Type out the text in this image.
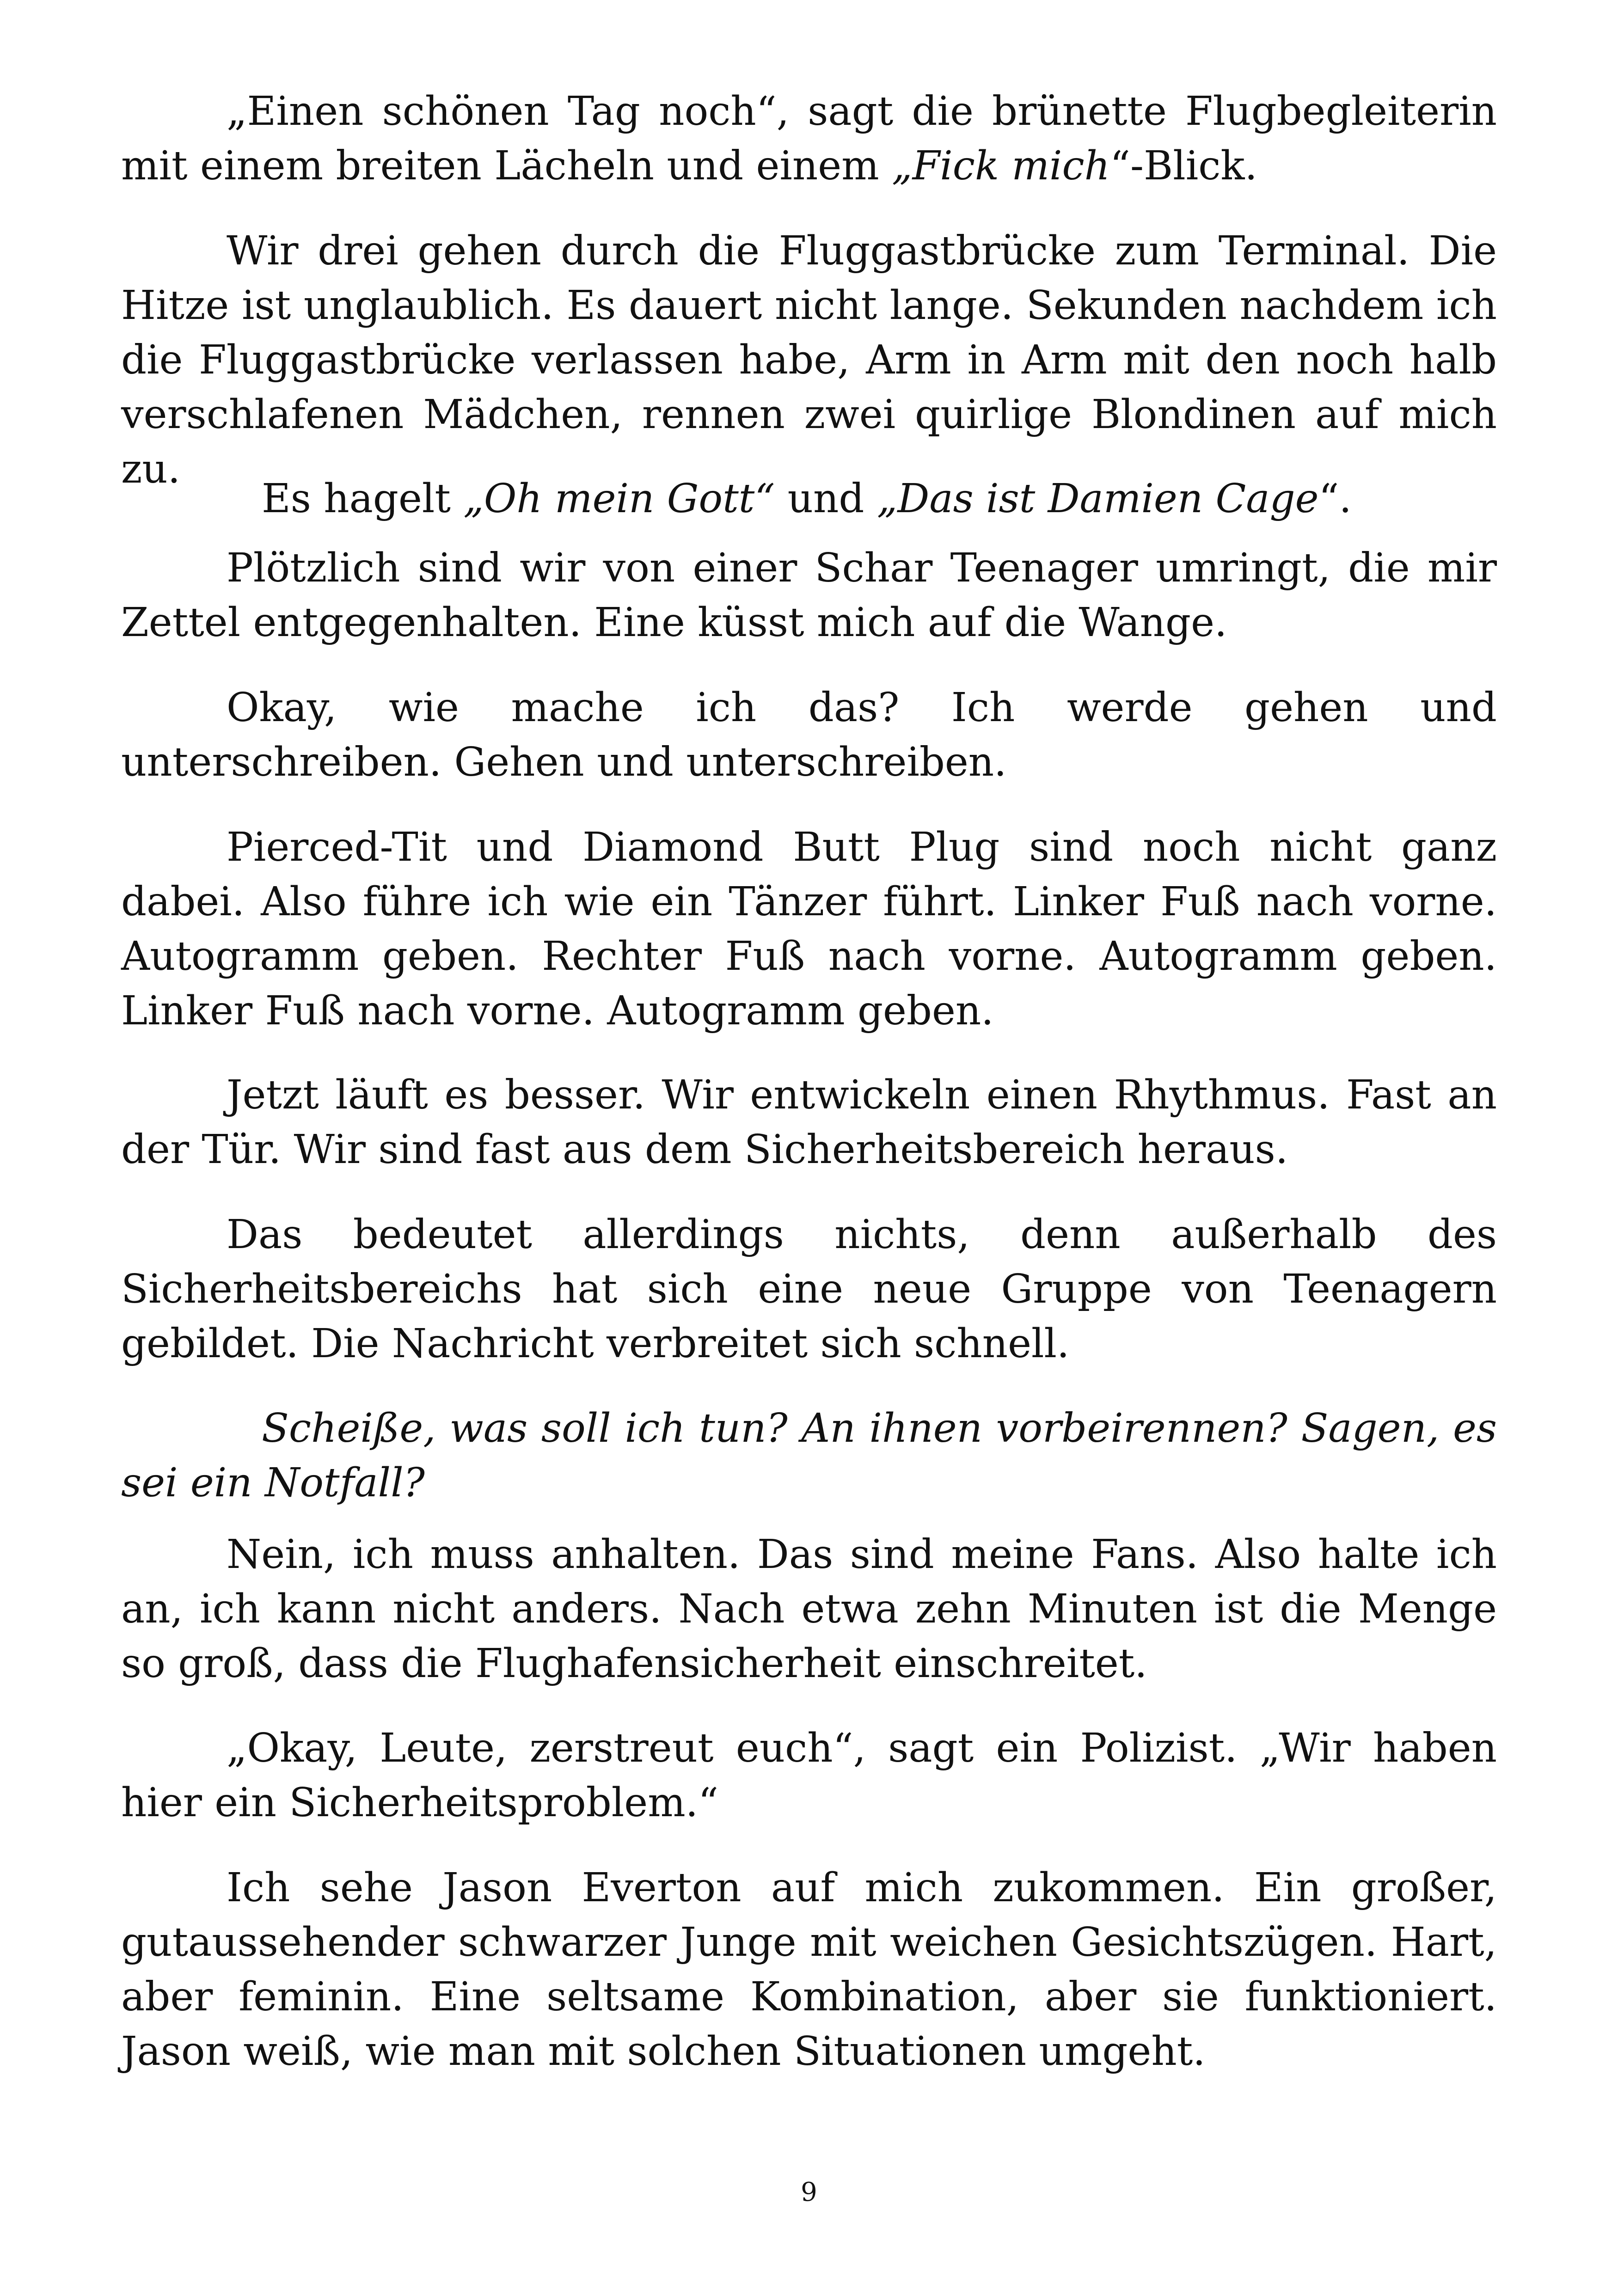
„Einen schönen Tag noch“, sagt die brünette Flugbegleiterin mit einem breiten Lächeln und einem „Fick mich“-Blick.

Wir drei gehen durch die Fluggastbrücke zum Terminal. Die Hitze ist unglaublich. Es dauert nicht lange. Sekunden nachdem ich die Fluggastbrücke verlassen habe, Arm in Arm mit den noch halb verschlafenen Mädchen, rennen zwei quirlige Blondinen auf mich zu.

Es hagelt „Oh mein Gott“ und „Das ist Damien Cage“.

Plötzlich sind wir von einer Schar Teenager umringt, die mir Zettel entgegenhalten. Eine küsst mich auf die Wange.

Okay, wie mache ich das? Ich werde gehen und unterschreiben. Gehen und unterschreiben.

Pierced-Tit und Diamond Butt Plug sind noch nicht ganz dabei. Also führe ich wie ein Tänzer führt. Linker Fuß nach vorne. Autogramm geben. Rechter Fuß nach vorne. Autogramm geben. Linker Fuß nach vorne. Autogramm geben.

Jetzt läuft es besser. Wir entwickeln einen Rhythmus. Fast an der Tür. Wir sind fast aus dem Sicherheitsbereich heraus.

Das bedeutet allerdings nichts, denn außerhalb des Sicherheitsbereichs hat sich eine neue Gruppe von Teenagern gebildet. Die Nachricht verbreitet sich schnell.

Scheiße, was soll ich tun? An ihnen vorbeirennen? Sagen, es sei ein Notfall?

Nein, ich muss anhalten. Das sind meine Fans. Also halte ich an, ich kann nicht anders. Nach etwa zehn Minuten ist die Menge so groß, dass die Flughafensicherheit einschreitet.

„Okay, Leute, zerstreut euch“, sagt ein Polizist. „Wir haben hier ein Sicherheitsproblem.“

Ich sehe Jason Everton auf mich zukommen. Ein großer, gutaussehender schwarzer Junge mit weichen Gesichtszügen. Hart, aber feminin. Eine seltsame Kombination, aber sie funktioniert. Jason weiß, wie man mit solchen Situationen umgeht.

9
